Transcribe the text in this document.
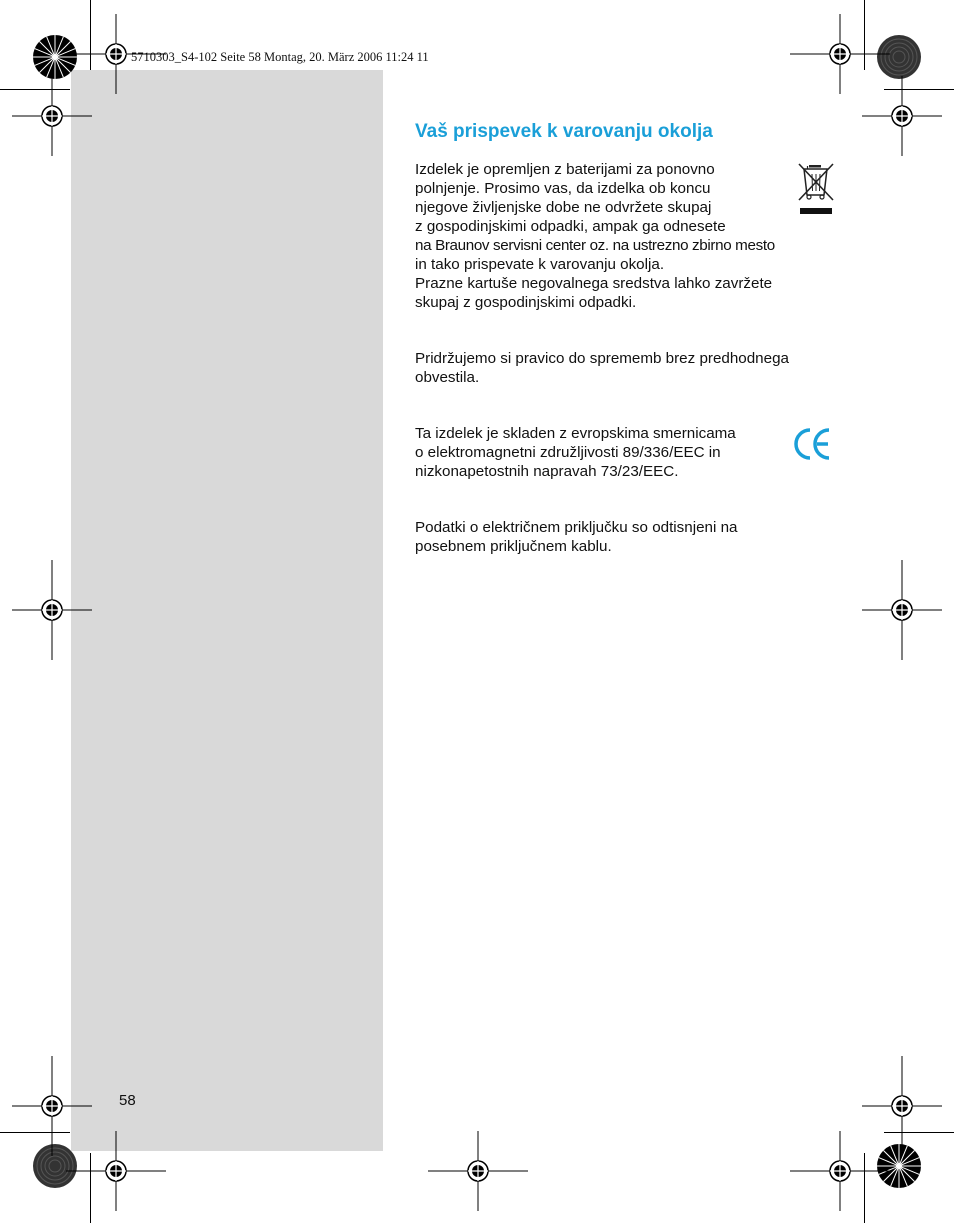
5710303_S4-102 Seite 58 Montag, 20. März 2006 11:24 11
Vaš prispevek k varovanju okolja
Izdelek je opremljen z baterijami za ponovno
polnjenje. Prosimo vas, da izdelka ob koncu
njegove življenjske dobe ne odvržete skupaj
z gospodinjskimi odpadki, ampak ga odnesete
na Braunov servisni center oz. na ustrezno zbirno mesto
in tako prispevate k varovanju okolja.
Prazne kartuše negovalnega sredstva lahko zavržete
skupaj z gospodinjskimi odpadki.
Pridržujemo si pravico do sprememb brez predhodnega
obvestila.
Ta izdelek je skladen z evropskima smernicama
o elektromagnetni združljivosti 89/336/EEC in
nizkonapetostnih napravah 73/23/EEC.
Podatki o električnem priključku so odtisnjeni na
posebnem priključnem kablu.
58
